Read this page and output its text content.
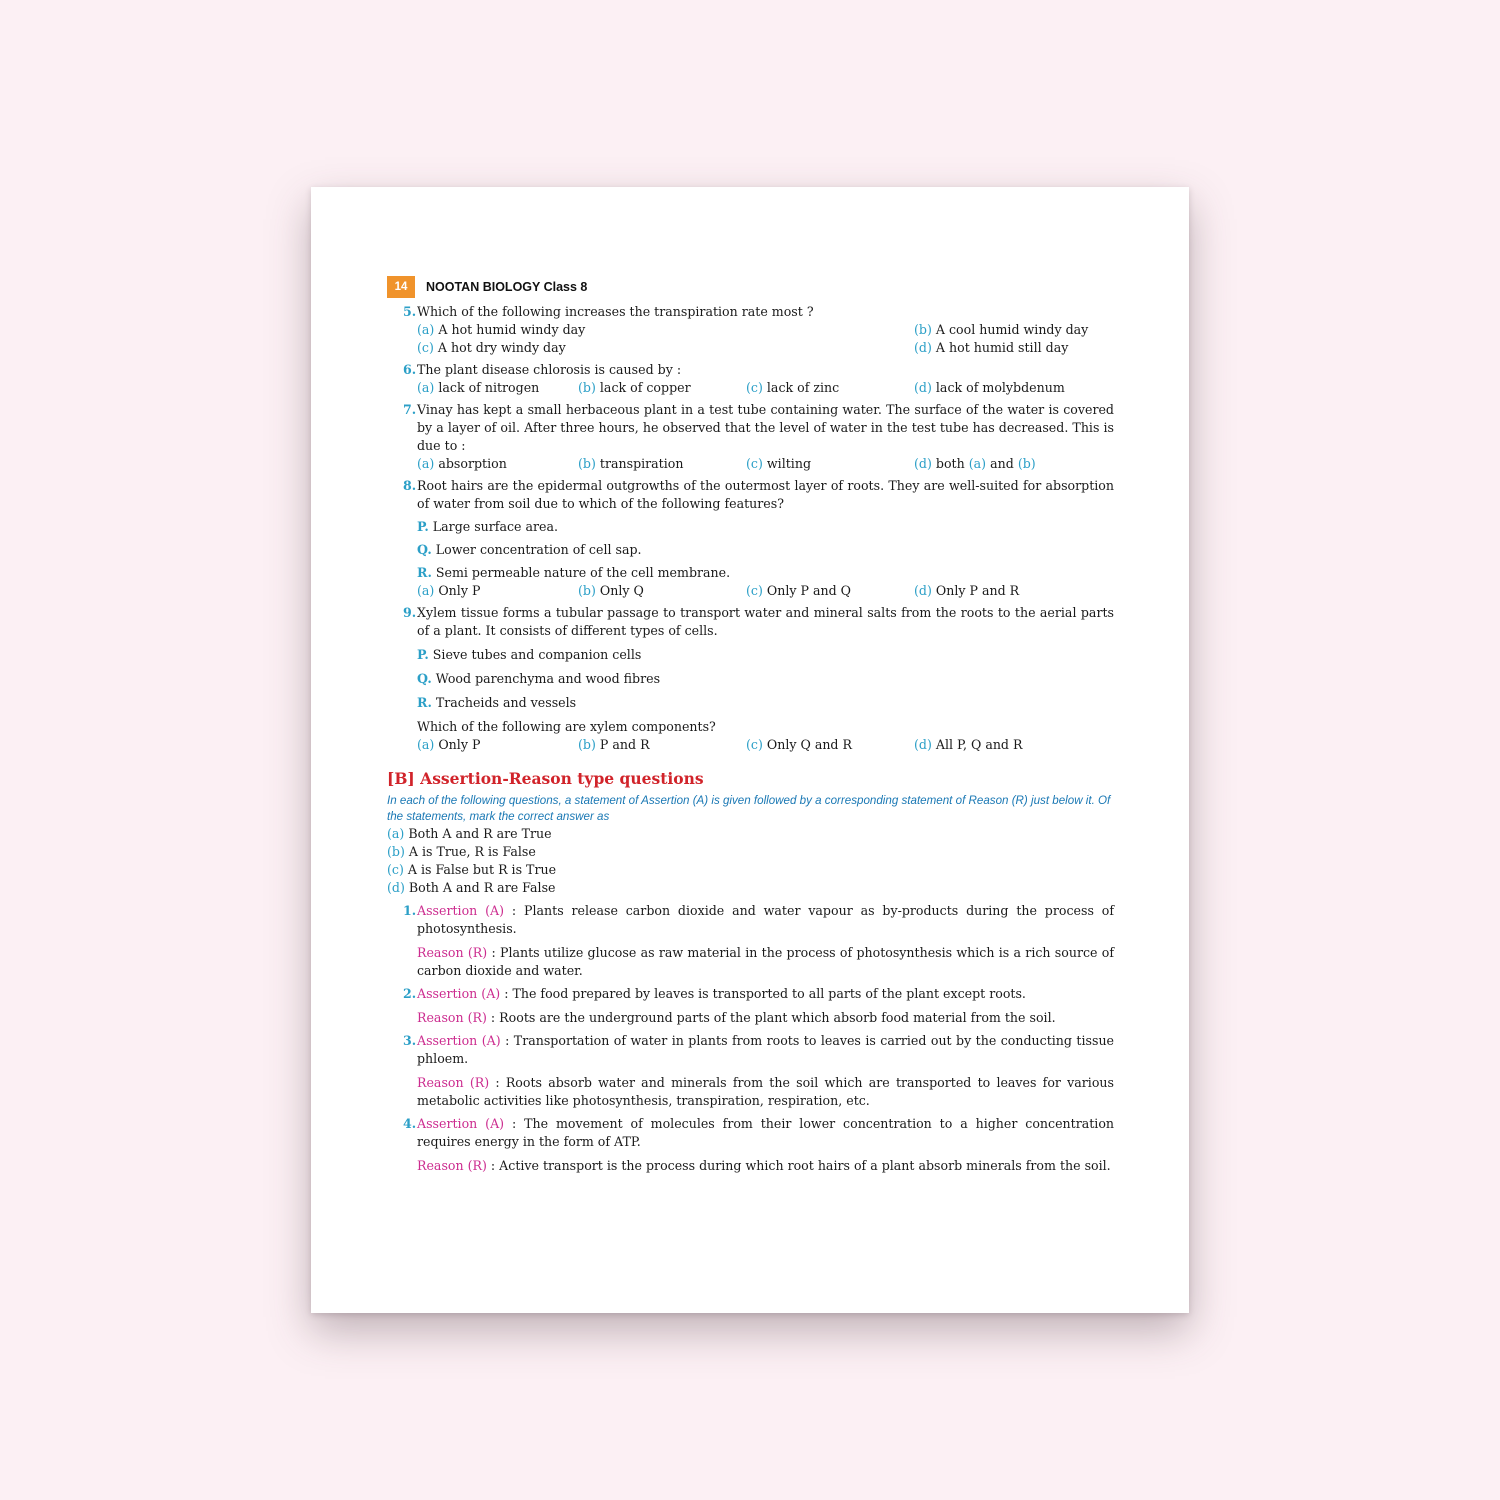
14	NOOTAN BIOLOGY Class 8
5. Which of the following increases the transpiration rate most ?
(a) A hot humid windy day	(b) A cool humid windy day
(c) A hot dry windy day	(d) A hot humid still day
6. The plant disease chlorosis is caused by :
(a) lack of nitrogen	(b) lack of copper	(c) lack of zinc	(d) lack of molybdenum
7. Vinay has kept a small herbaceous plant in a test tube containing water. The surface of the water is covered by a layer of oil. After three hours, he observed that the level of water in the test tube has decreased. This is due to :
(a) absorption	(b) transpiration	(c) wilting	(d) both (a) and (b)
8. Root hairs are the epidermal outgrowths of the outermost layer of roots. They are well-suited for absorption of water from soil due to which of the following features?
P. Large surface area.
Q. Lower concentration of cell sap.
R. Semi permeable nature of the cell membrane.
(a) Only P	(b) Only Q	(c) Only P and Q	(d) Only P and R
9. Xylem tissue forms a tubular passage to transport water and mineral salts from the roots to the aerial parts of a plant. It consists of different types of cells.
P. Sieve tubes and companion cells
Q. Wood parenchyma and wood fibres
R. Tracheids and vessels
Which of the following are xylem components?
(a) Only P	(b) P and R	(c) Only Q and R	(d) All P, Q and R
[B] Assertion-Reason type questions
In each of the following questions, a statement of Assertion (A) is given followed by a corresponding statement of Reason (R) just below it. Of the statements, mark the correct answer as
(a) Both A and R are True
(b) A is True, R is False
(c) A is False but R is True
(d) Both A and R are False
1. Assertion (A) : Plants release carbon dioxide and water vapour as by-products during the process of photosynthesis.
Reason (R) : Plants utilize glucose as raw material in the process of photosynthesis which is a rich source of carbon dioxide and water.
2. Assertion (A) : The food prepared by leaves is transported to all parts of the plant except roots.
Reason (R) : Roots are the underground parts of the plant which absorb food material from the soil.
3. Assertion (A) : Transportation of water in plants from roots to leaves is carried out by the conducting tissue phloem.
Reason (R) : Roots absorb water and minerals from the soil which are transported to leaves for various metabolic activities like photosynthesis, transpiration, respiration, etc.
4. Assertion (A) : The movement of molecules from their lower concentration to a higher concentration requires energy in the form of ATP.
Reason (R) : Active transport is the process during which root hairs of a plant absorb minerals from the soil.
